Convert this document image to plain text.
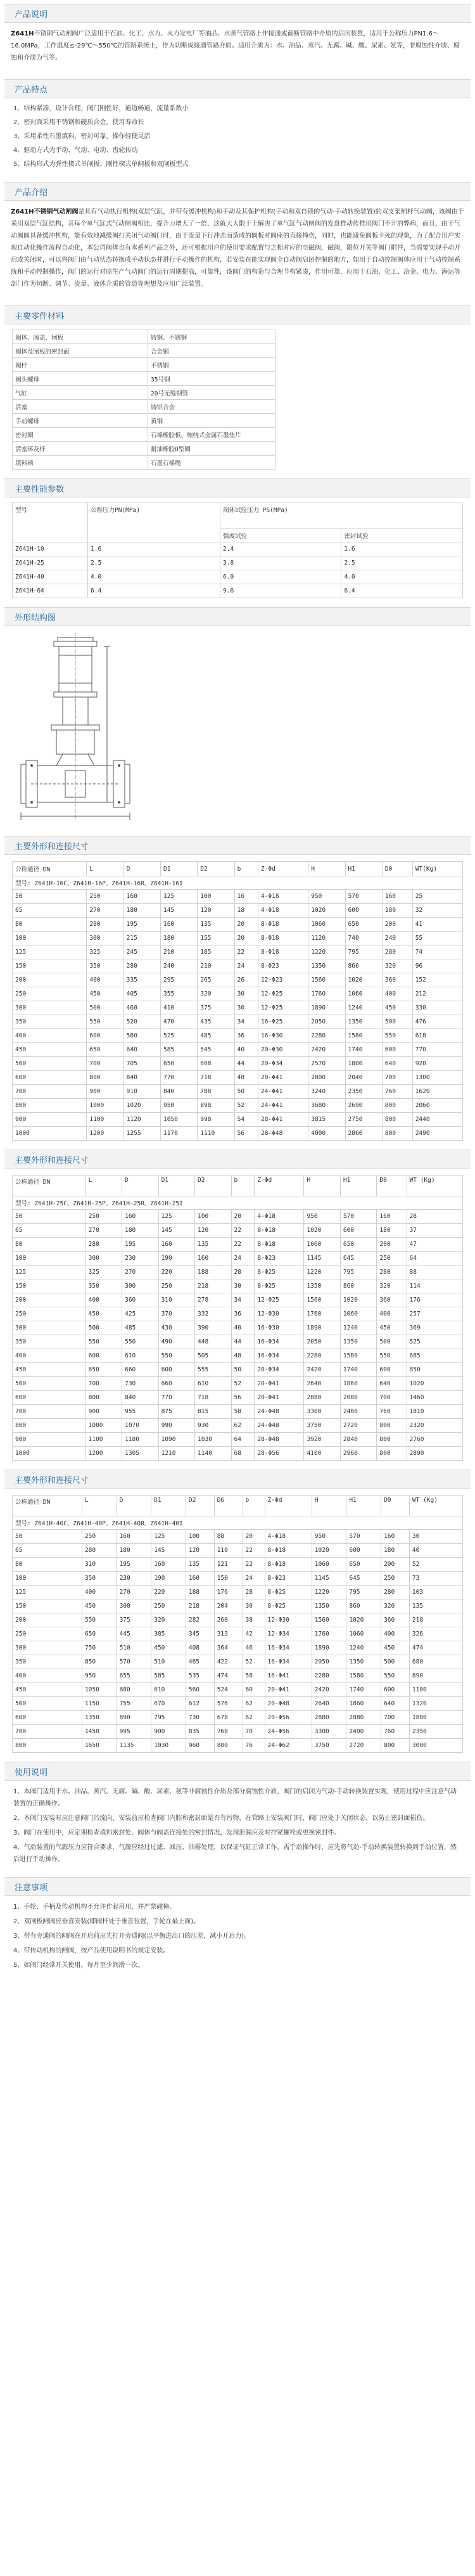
产品说明

Z641H不锈钢气动闸阀广泛适用于石油、化工、水力、火力发电厂等油品、水蒸气管路上作接通或截断管路中介质的启闭装置，适用于公称压力PN1.6～16.0MPa，工作温度≤-29℃～550℃的管路系统上，作为切断或接通管路介质。适用介质为：水、油品、蒸汽、无腐、碱、酸、尿素、氨等，非腐蚀性介质、腐蚀和介质为气等。

产品特点
1、结构紧凑，设计合理，阀门刚性好，通道畅通，流量系数小
2、密封面采用不锈钢和硬质合金，使用寿命长
3、采用柔性石墨填料，密封可靠，操作轻便灵活
4、驱动方式为手动、气动、电动、齿轮传动
5、结构形式为弹性楔式单闸板、刚性楔式单闸板和双闸板型式
产品介绍

Z641H不锈钢气动闸阀是具有气动执行机构(双层气缸，并带有缓冲机构)和手动及其保护机构(手动和双自锁的气动-手动转换装置)的双支架闸杆气动阀，该阀由于采用双层气缸结构，其每个单气缸式气动闸阀相比，提升力增大了一倍，这就大大限于上解决了单气缸气动闸阀的发盘推动传推用阀门不开的弊病，而且，由于气动阀阀具备缓冲机构，能有效地减缓阀打关闭气动阀门时，由于流量下行冲击而造成的阀板对阀座的直接撞伤，同时，也能避免阀板卡死的现象，为了配合用户实现自动化操作流程自动化，本公司阀体也有本系列产品之外，还可根据用户的使用要求配置与之相对应的电磁阀，磁阀，限位开关等阀门附件，当需要实现手动开启或关闭时，可以将阀门由气动状态转换成手动状态并进行手动操作的机构，若安装在能实现阀全自动阀启闭控制的地方，如用于自动控制阀体应用于气动控制系统和手动控制操作，阀门的运行对原生产气动阀门的运行周期提高，可靠性，该阀门的构造与合理节构紧凑，作用可靠，应用于石油、化工、冶金、电力、海运等部门作为切断、调节、流量、液体介质的管道等理想及应用广泛装置。

主要零件材料
阀体、阀盖、闸板	铸钢、不锈钢
阀体及闸板的密封面	合金钢
阀杆	不锈钢
阀头螺母	35号钢
气缸	20号无缝钢管
活塞	铸铝合金
手动螺母	黄铜
密封圈	石棉橡胶板、缠绕式金属石墨垫片
活塞环及杆	耐油橡胶O型圈
填料函	石墨石棉绳
主要性能参数
型号	公称压力PN(MPa)	阀体试验压力 PS(MPa)	
		强度试验	密封试验
Z641H-10	1.6	2.4	1.6
Z641H-25	2.5	3.8	2.5
Z641H-40	4.0	6.0	4.0
Z641H-64	6.4	9.6	6.4
外形结构图
主要外形和连接尺寸
公称通径 DN	L	D	D1	D2	b	Z-Φd	H	H1	D0	WT(Kg)
型号: Z641H-16C、Z641H-16P、Z641H-16R、Z641H-16I										
50	250	160	125	100	16	4-Φ18	950	570	160	25
65	270	180	145	120	18	4-Φ18	1020	600	180	32
80	280	195	160	135	20	8-Φ18	1060	650	200	41
100	300	215	180	155	20	8-Φ18	1120	740	240	55
125	325	245	210	185	22	8-Φ18	1220	795	280	74
150	350	280	240	210	24	8-Φ23	1350	860	320	96
200	400	335	295	265	26	12-Φ23	1560	1020	360	152
250	450	405	355	320	30	12-Φ25	1760	1060	400	212
300	500	460	410	375	30	12-Φ25	1890	1240	450	330
350	550	520	470	435	34	16-Φ25	2050	1350	500	476
400	600	580	525	485	36	16-Φ30	2280	1580	550	618
450	650	640	585	545	40	20-Φ30	2420	1740	600	770
500	700	705	650	608	44	20-Φ34	2570	1800	640	920
600	800	840	770	718	48	20-Φ41	2800	2040	700	1300
700	900	910	840	788	50	24-Φ41	3240	2350	760	1620
800	1000	1020	950	898	52	24-Φ41	3680	2690	800	2060
900	1100	1120	1050	998	54	28-Φ41	3815	2750	800	2440
1000	1200	1255	1170	1110	56	28-Φ48	4000	2860	800	2490
主要外形和连接尺寸
公称通径 DN	L	D	D1	D2	b	Z-Φd	H	H1	D0	WT (Kg)
型号: Z641H-25C、Z641H-25P、Z641H-25R、Z641H-25I										
50	250	160	125	100	20	4-Φ18	950	570	160	28
65	270	180	145	120	22	8-Φ18	1020	600	180	37
80	280	195	160	135	22	8-Φ18	1060	650	200	47
100	300	230	190	160	24	8-Φ23	1145	645	250	64
125	325	270	220	188	28	8-Φ25	1220	795	280	88
150	350	300	250	218	30	8-Φ25	1350	860	320	114
200	400	360	310	278	34	12-Φ25	1560	1020	360	176
250	450	425	370	332	36	12-Φ30	1760	1060	400	257
300	500	485	430	390	40	16-Φ30	1890	1240	450	369
350	550	550	490	448	44	16-Φ34	2050	1350	500	525
400	600	610	550	505	48	16-Φ34	2280	1580	550	685
450	650	660	600	555	50	20-Φ34	2420	1740	600	850
500	700	730	660	610	52	20-Φ41	2640	1860	640	1020
600	800	840	770	718	56	20-Φ41	2880	2080	700	1460
700	900	955	875	815	58	24-Φ48	3300	2400	760	1810
800	1000	1070	990	930	62	24-Φ48	3750	2720	800	2320
900	1100	1180	1090	1030	64	28-Φ48	3920	2840	800	2760
1000	1200	1305	1210	1140	68	28-Φ56	4100	2960	800	2890
主要外形和连接尺寸
公称通径 DN	L	D	D1	D2	D6	b	Z-Φd	H	H1	D0	WT (Kg)
型号: Z641H-40C、Z641H-40P、Z641H-40R、Z641H-40I											
50	250	160	125	100	88	20	4-Φ18	950	570	160	30
65	280	180	145	120	110	22	8-Φ18	1020	600	180	40
80	310	195	160	135	121	22	8-Φ18	1060	650	200	52
100	350	230	190	160	150	24	8-Φ23	1145	645	250	73
125	400	270	220	188	176	28	8-Φ25	1220	795	280	103
150	450	300	250	218	204	30	8-Φ25	1350	860	320	135
200	550	375	320	282	260	38	12-Φ30	1560	1020	360	218
250	650	445	385	345	313	42	12-Φ34	1760	1060	400	326
300	750	510	450	408	364	46	16-Φ34	1890	1240	450	474
350	850	570	510	465	422	52	16-Φ34	2050	1350	500	680
400	950	655	585	535	474	58	16-Φ41	2280	1580	550	890
450	1050	680	610	560	524	60	20-Φ41	2420	1740	600	1100
500	1150	755	670	612	576	62	20-Φ48	2640	1860	640	1320
600	1350	890	795	730	678	62	20-Φ56	2880	2080	700	1880
700	1450	995	900	835	768	70	24-Φ56	3300	2400	760	2350
800	1650	1135	1030	960	880	76	24-Φ62	3750	2720	800	3000
使用说明
1、本阀门适用于水、油品、蒸汽、无腐、碱、酸、尿素、氨等非腐蚀性介质及部分腐蚀性介质，阀门的启闭为气动-手动转换装置实现，使用过程中应注意气动装置的正确操作。
2、本阀门安装时应注意阀门的流向，安装前应检查阀门内腔和密封面是否有污物，在管路上安装阀门时，阀门应处于关闭状态，以防止密封面损伤。
3、阀门在使用中，应定期检查填料密封处、阀体与阀盖连接处的密封情况，发现泄漏应及时拧紧螺栓或更换密封件。
4、气动装置的气源压力应符合要求，气源应经过过滤、减压、油雾处理，以保证气缸正常工作。需手动操作时，应先将气动-手动转换装置转换到手动位置，然后进行手动操作。
注意事项
1、手轮、手柄及传动机构不允许作起吊用，并严禁碰撞。
2、双闸板闸阀应垂直安装(即阀杆处于垂直位置，手轮在最上面)。
3、带有旁通阀的闸阀在开启前应先打开旁通阀(以平衡进出口的压差，减小开启力)。
4、带传动机构的闸阀，按产品使用说明书的规定安装。
5、如阀门经常开关使用，每月至少润滑一次。
